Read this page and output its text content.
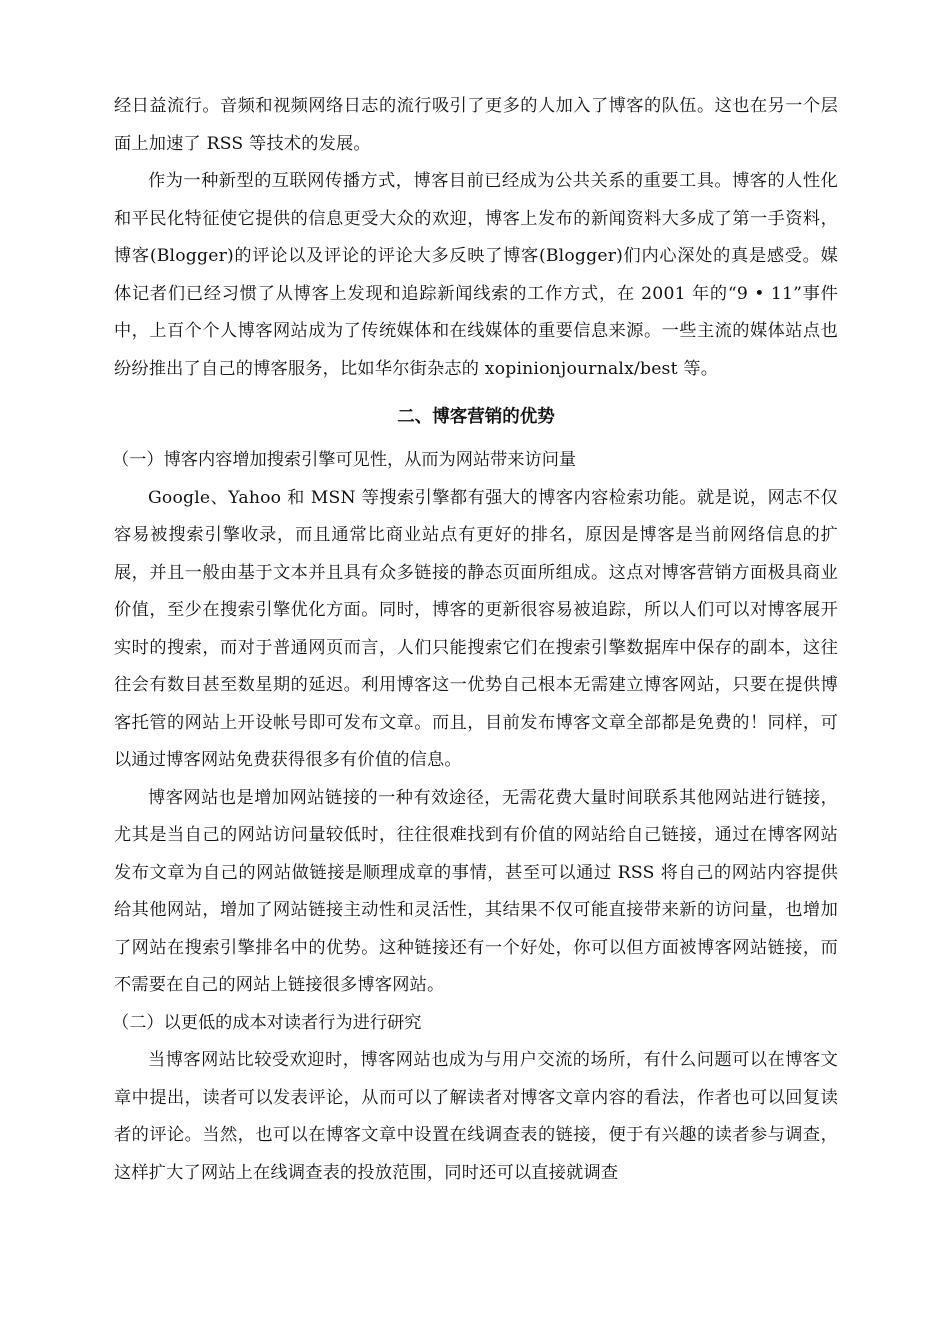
经日益流行。音频和视频网络日志的流行吸引了更多的人加入了博客的队伍。这也在另一个层面上加速了 RSS 等技术的发展。

作为一种新型的互联网传播方式，博客目前已经成为公共关系的重要工具。博客的人性化和平民化特征使它提供的信息更受大众的欢迎，博客上发布的新闻资料大多成了第一手资料，博客(Blogger)的评论以及评论的评论大多反映了博客(Blogger)们内心深处的真是感受。媒体记者们已经习惯了从博客上发现和追踪新闻线索的工作方式，在 2001 年的“9 • 11”事件中，上百个个人博客网站成为了传统媒体和在线媒体的重要信息来源。一些主流的媒体站点也纷纷推出了自己的博客服务，比如华尔街杂志的 xopinionjournalx/best 等。

二、博客营销的优势

（一）博客内容增加搜索引擎可见性，从而为网站带来访问量

Google、Yahoo 和 MSN 等搜索引擎都有强大的博客内容检索功能。就是说，网志不仅容易被搜索引擎收录，而且通常比商业站点有更好的排名，原因是博客是当前网络信息的扩展，并且一般由基于文本并且具有众多链接的静态页面所组成。这点对博客营销方面极具商业价值，至少在搜索引擎优化方面。同时，博客的更新很容易被追踪，所以人们可以对博客展开实时的搜索，而对于普通网页而言，人们只能搜索它们在搜索引擎数据库中保存的副本，这往往会有数目甚至数星期的延迟。利用博客这一优势自己根本无需建立博客网站，只要在提供博客托管的网站上开设帐号即可发布文章。而且，目前发布博客文章全部都是免费的！同样，可以通过博客网站免费获得很多有价值的信息。

博客网站也是增加网站链接的一种有效途径，无需花费大量时间联系其他网站进行链接，尤其是当自己的网站访问量较低时，往往很难找到有价值的网站给自己链接，通过在博客网站发布文章为自己的网站做链接是顺理成章的事情，甚至可以通过 RSS 将自己的网站内容提供给其他网站，增加了网站链接主动性和灵活性，其结果不仅可能直接带来新的访问量，也增加了网站在搜索引擎排名中的优势。这种链接还有一个好处，你可以但方面被博客网站链接，而不需要在自己的网站上链接很多博客网站。

（二）以更低的成本对读者行为进行研究

当博客网站比较受欢迎时，博客网站也成为与用户交流的场所，有什么问题可以在博客文章中提出，读者可以发表评论，从而可以了解读者对博客文章内容的看法，作者也可以回复读者的评论。当然，也可以在博客文章中设置在线调查表的链接，便于有兴趣的读者参与调查，这样扩大了网站上在线调查表的投放范围，同时还可以直接就调查
